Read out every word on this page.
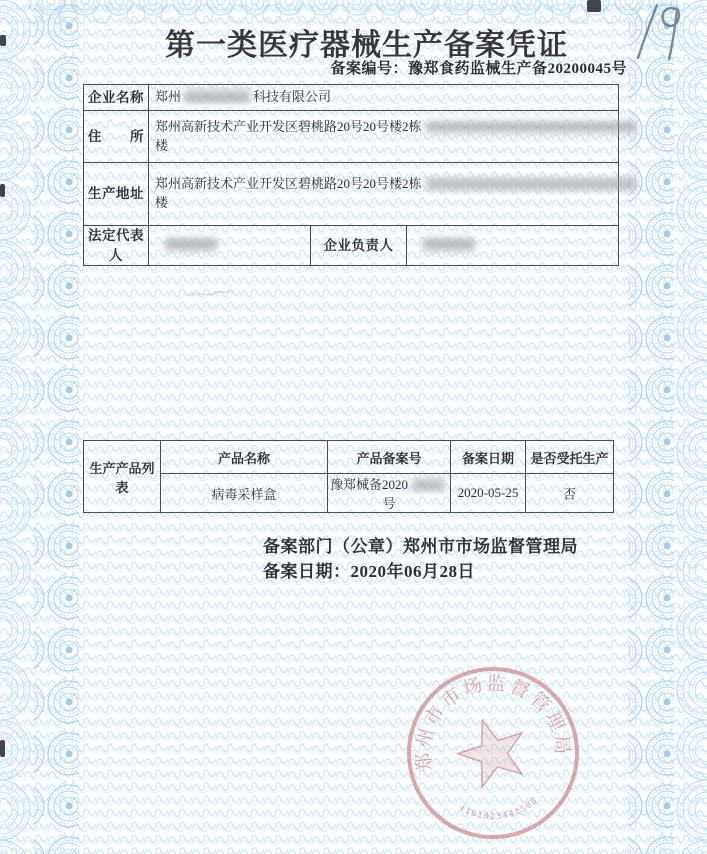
第一类医疗器械生产备案凭证
备案编号：豫郑食药监械生产备20200045号
企业名称	郑州 科技有限公司		
住　　所	郑州高新技术产业开发区碧桃路20号20号楼2栋
楼		
生产地址	郑州高新技术产业开发区碧桃路20号20号楼2栋
楼		
法定代表人		企业负责人	
生产产品列表	产品名称	产品备案号	备案日期	是否受托生产
	病毒采样盒	豫郑械备2020号	2020-05-25	否
备案部门（公章）郑州市市场监督管理局
备案日期：2020年06月28日
郑州市市场监督管理局
4101023441508
